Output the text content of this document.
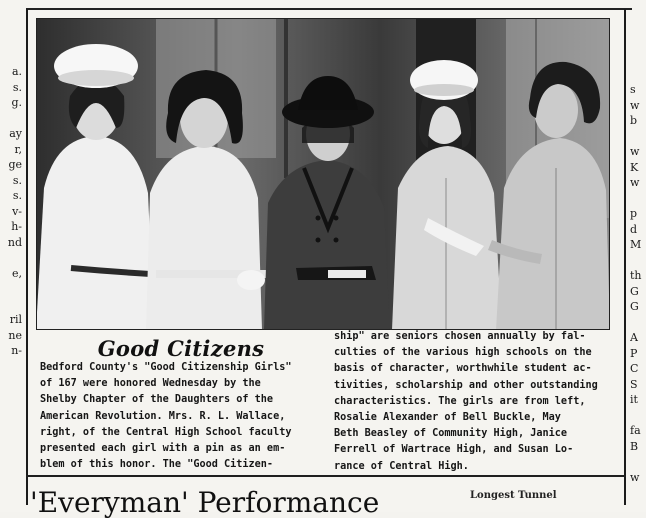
a.
s.
g.
ay
r,
ge
s.
s.
v-
h-
nd
e,
ril
ne
n-
s
w
b
w
K
w
p
d
M
th
G
G
A
P
C
S
it
fa
B
w
Good Citizens
Bedford County's "Good Citizenship Girls"
of 167 were honored Wednesday by the
Shelby Chapter of the Daughters of the
American Revolution. Mrs. R. L. Wallace,
right, of the Central High School faculty
presented each girl with a pin as an em-
blem of this honor. The "Good Citizen-
ship" are seniors chosen annually by fal-
culties of the various high schools on the
basis of character, worthwhile student ac-
tivities, scholarship and other outstanding
characteristics. The girls are from left,
Rosalie Alexander of Bell Buckle, May
Beth Beasley of Community High, Janice
Ferrell of Wartrace High, and Susan Lo-
rance of Central High.
'Everyman' Performance	Longest Tunnel
